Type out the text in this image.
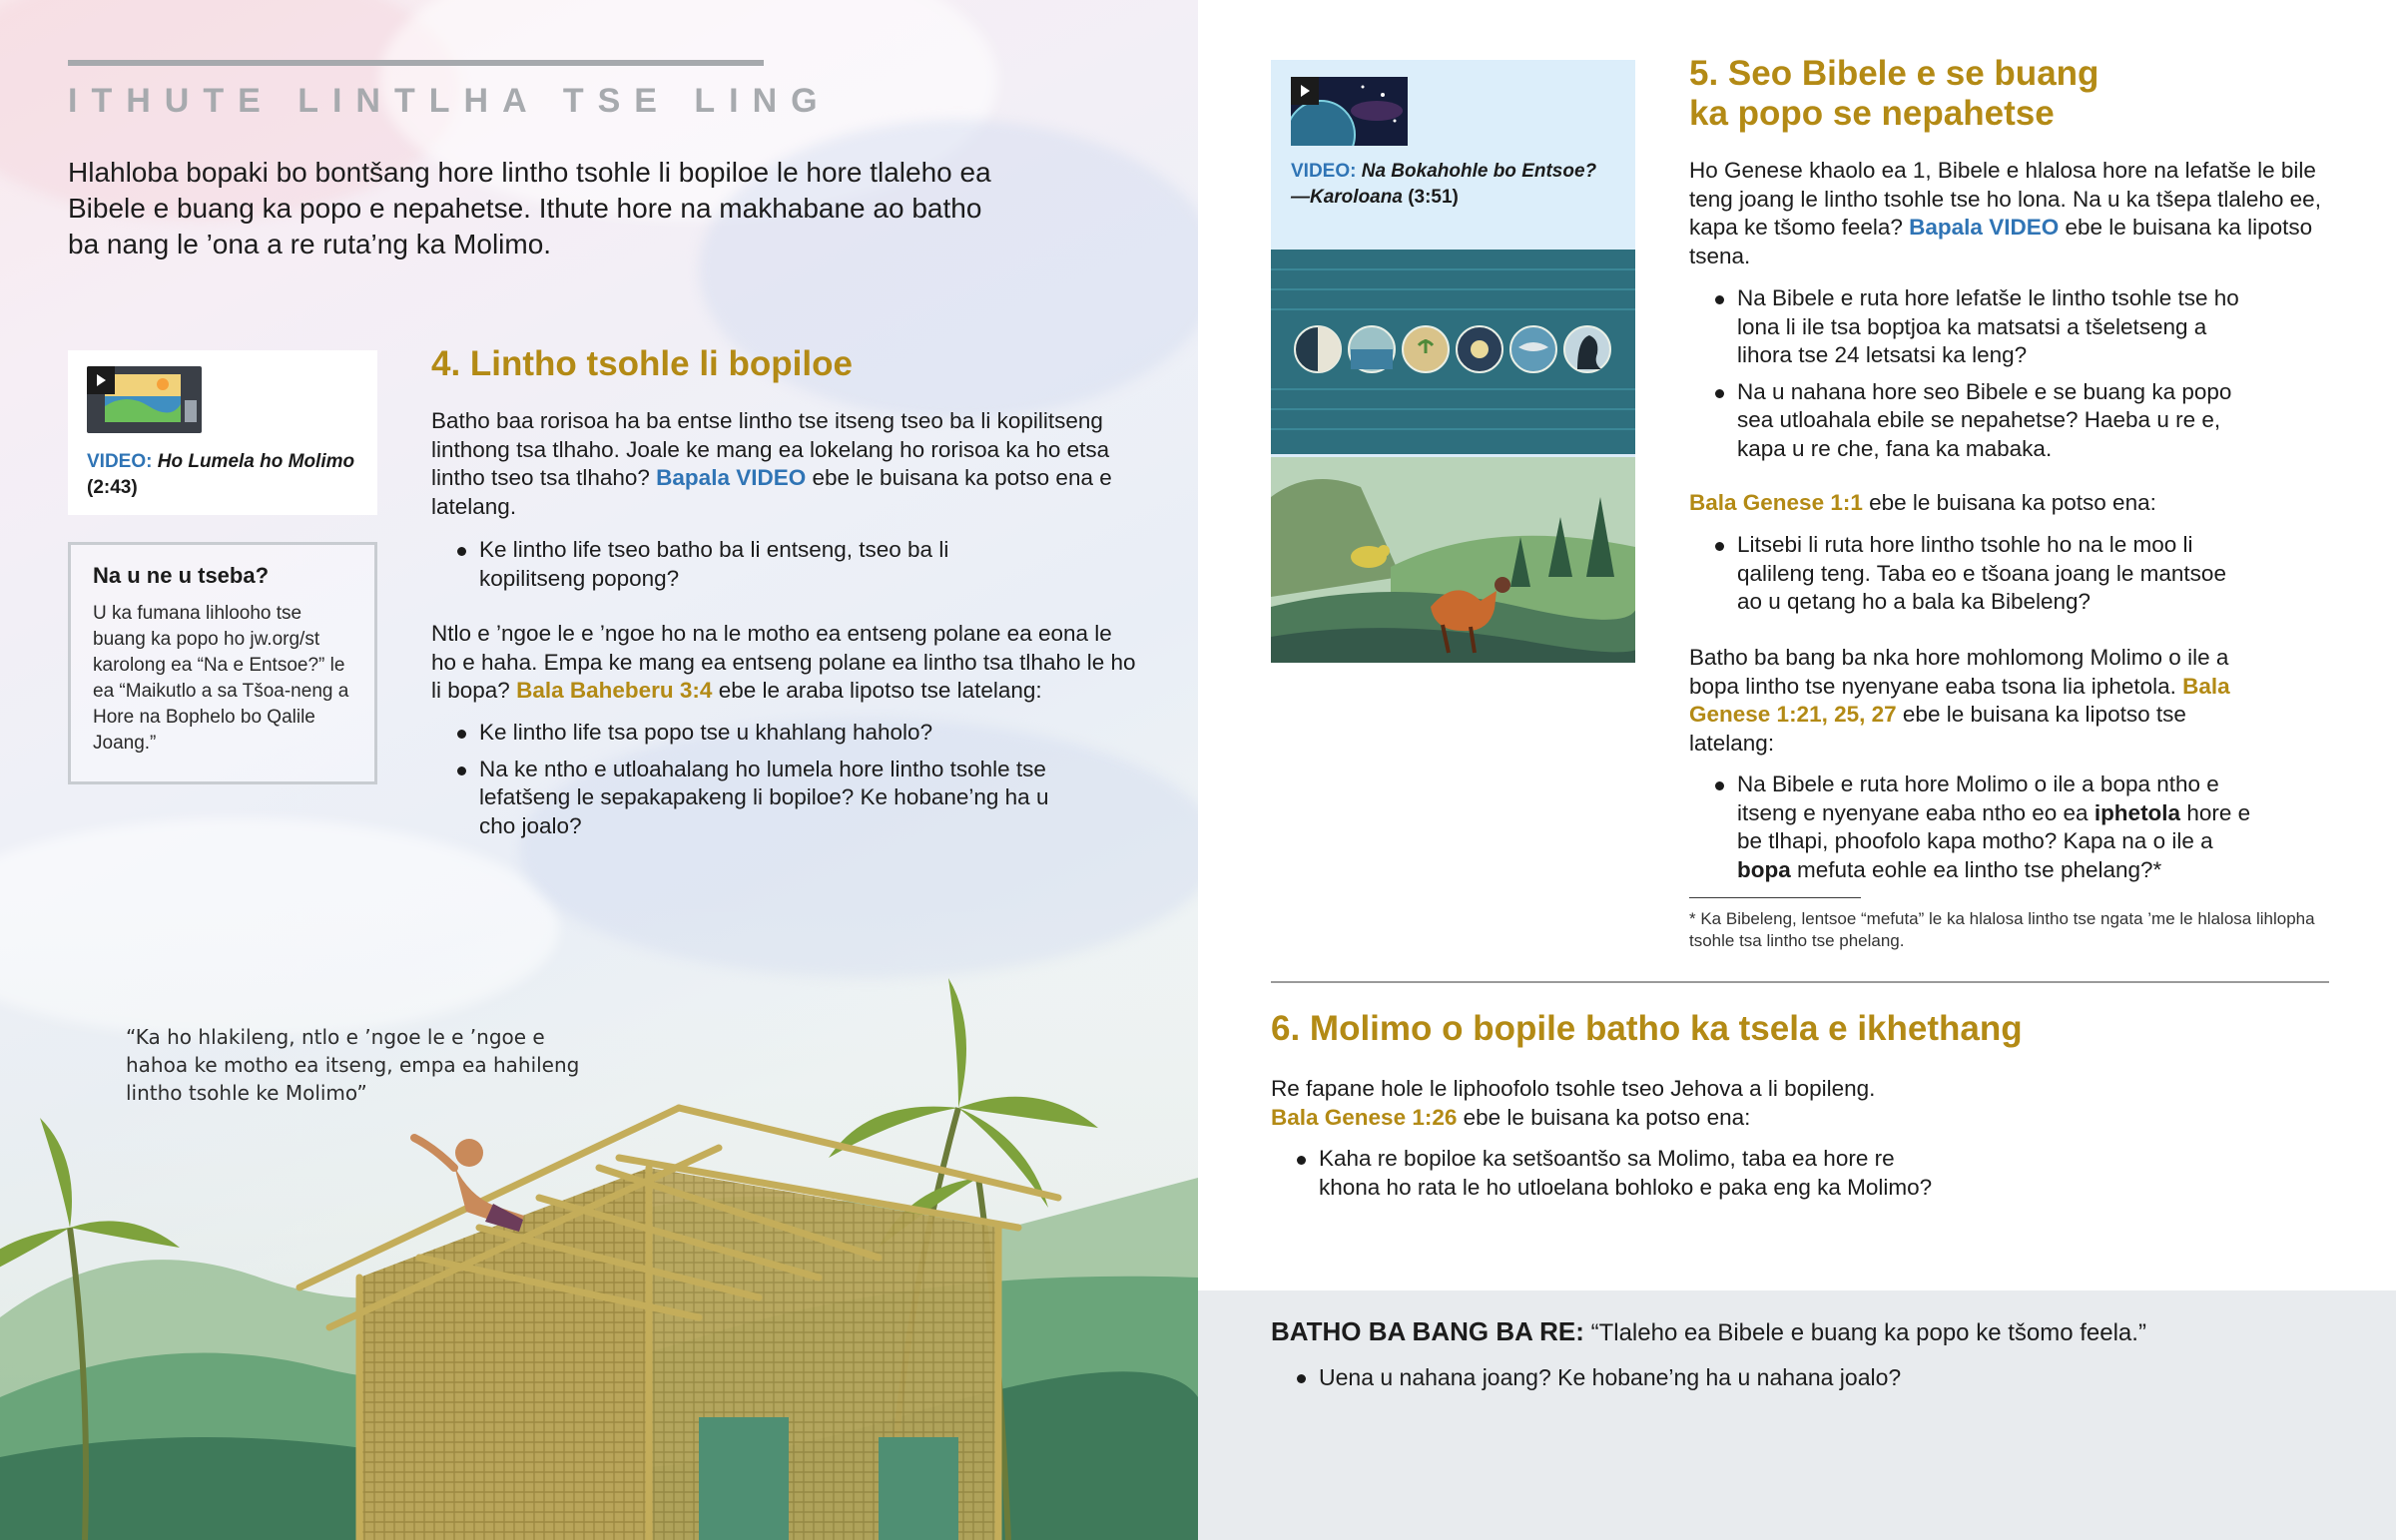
ITHUTE LINTLHA TSE LING

Hlahloba bopaki bo bontšang hore lintho tsohle li bopiloe le hore tlaleho ea Bibele e buang ka popo e nepahetse. Ithute hore na makhabane ao batho ba nang le ’ona a re ruta’ng ka Molimo.

VIDEO: Ho Lumela ho Molimo
(2:43)
Na u ne u tseba?

U ka fumana lihlooho tse buang ka popo ho jw.org/st karolong ea “Na e Entsoe?” le ea “Maikutlo a sa Tšoa-neng a Hore na Bophelo bo Qalile Joang.”

4. Lintho tsohle li bopiloe

Batho baa rorisoa ha ba entse lintho tse itseng tseo ba li kopilitseng linthong tsa tlhaho. Joale ke mang ea lokelang ho rorisoa ka ho etsa lintho tseo tsa tlhaho? Bapala VIDEO ebe le buisana ka potso ena e latelang.

Ke lintho life tseo batho ba li entseng, tseo ba li kopilitseng popong?

Ntlo e ’ngoe le e ’ngoe ho na le motho ea entseng polane ea eona le ho e haha. Empa ke mang ea entseng polane ea lintho tsa tlhaho le ho li bopa? Bala Baheberu 3:4 ebe le araba lipotso tse latelang:

Ke lintho life tsa popo tse u khahlang haholo?
Na ke ntho e utloahalang ho lumela hore lintho tsohle tse lefatšeng le sepakapakeng li bopiloe? Ke hobane’ng ha u cho joalo?

“Ka ho hlakileng, ntlo e ’ngoe le e ’ngoe e hahoa ke motho ea itseng, empa ea hahileng lintho tsohle ke Molimo”

VIDEO: Na Bokahohle bo Entsoe?
—Karoloana (3:51)
5. Seo Bibele e se buang
ka popo se nepahetse

Ho Genese khaolo ea 1, Bibele e hlalosa hore na lefatše le bile teng joang le lintho tsohle tse ho lona. Na u ka tšepa tlaleho ee, kapa ke tšomo feela? Bapala VIDEO ebe le buisana ka lipotso tsena.

Na Bibele e ruta hore lefatše le lintho tsohle tse ho lona li ile tsa boptjoa ka matsatsi a tšeletseng a lihora tse 24 letsatsi ka leng?
Na u nahana hore seo Bibele e se buang ka popo sea utloahala ebile se nepahetse? Haeba u re e, kapa u re che, fana ka mabaka.

Bala Genese 1:1 ebe le buisana ka potso ena:

Litsebi li ruta hore lintho tsohle ho na le moo li qalileng teng. Taba eo e tšoana joang le mantsoe ao u qetang ho a bala ka Bibeleng?

Batho ba bang ba nka hore mohlomong Molimo o ile a bopa lintho tse nyenyane eaba tsona lia iphetola. Bala Genese 1:21, 25, 27 ebe le buisana ka lipotso tse latelang:

Na Bibele e ruta hore Molimo o ile a bopa ntho e itseng e nyenyane eaba ntho eo ea iphetola hore e be tlhapi, phoofolo kapa motho? Kapa na o ile a bopa mefuta eohle ea lintho tse phelang?*

* Ka Bibeleng, lentsoe “mefuta” le ka hlalosa lintho tse ngata ’me le hlalosa lihlopha tsohle tsa lintho tse phelang.

6. Molimo o bopile batho ka tsela e ikhethang

Re fapane hole le liphoofolo tsohle tseo Jehova a li bopileng.
Bala Genese 1:26 ebe le buisana ka potso ena:

Kaha re bopiloe ka setšoantšo sa Molimo, taba ea hore re khona ho rata le ho utloelana bohloko e paka eng ka Molimo?
BATHO BA BANG BA RE: “Tlaleho ea Bibele e buang ka popo ke tšomo feela.”
Uena u nahana joang? Ke hobane’ng ha u nahana joalo?
